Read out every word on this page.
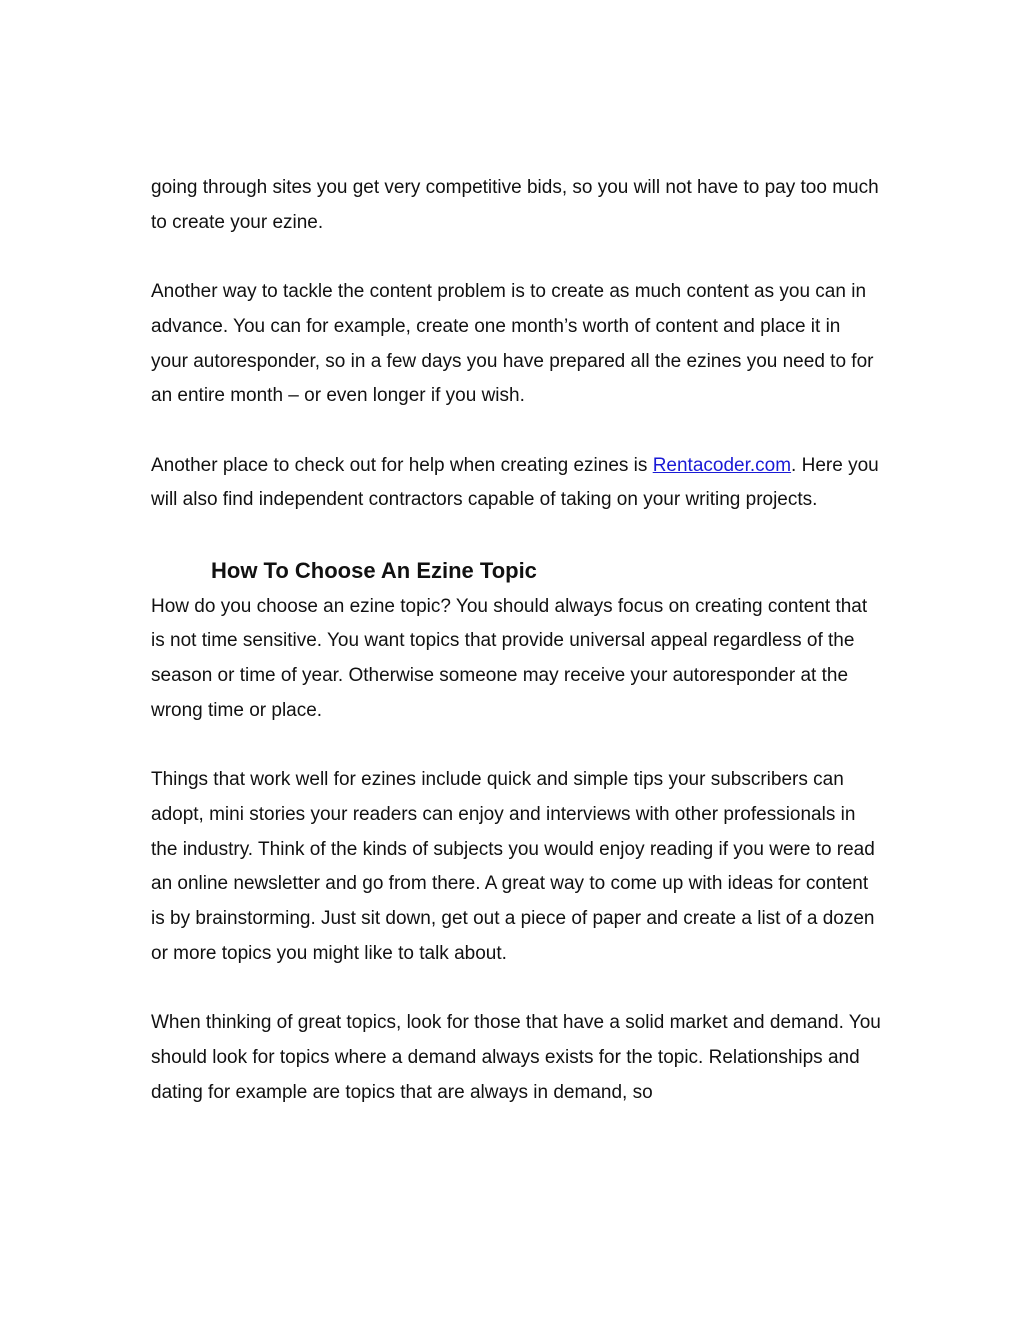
going through sites you get very competitive bids, so you will not have to pay too much to create your ezine.

Another way to tackle the content problem is to create as much content as you can in advance. You can for example, create one month’s worth of content and place it in your autoresponder, so in a few days you have prepared all the ezines you need to for an entire month – or even longer if you wish.

Another place to check out for help when creating ezines is Rentacoder.com. Here you will also find independent contractors capable of taking on your writing projects.

How To Choose An Ezine Topic

How do you choose an ezine topic? You should always focus on creating content that is not time sensitive. You want topics that provide universal appeal regardless of the season or time of year. Otherwise someone may receive your autoresponder at the wrong time or place.

Things that work well for ezines include quick and simple tips your subscribers can adopt, mini stories your readers can enjoy and interviews with other professionals in the industry. Think of the kinds of subjects you would enjoy reading if you were to read an online newsletter and go from there. A great way to come up with ideas for content is by brainstorming. Just sit down, get out a piece of paper and create a list of a dozen or more topics you might like to talk about.

When thinking of great topics, look for those that have a solid market and demand. You should look for topics where a demand always exists for the topic. Relationships and dating for example are topics that are always in demand, so
